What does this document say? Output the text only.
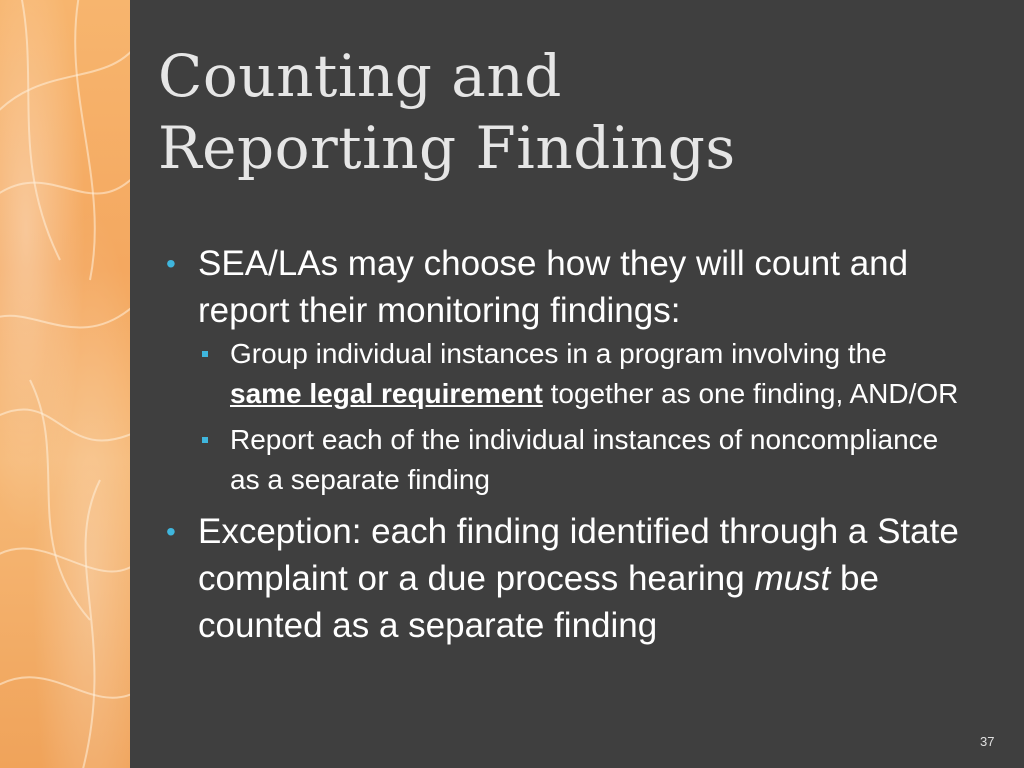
Counting and
Reporting Findings
• SEA/LAs may choose how they will count and report their monitoring findings:
Group individual instances in a program involving the same legal requirement together as one finding, AND/OR
Report each of the individual instances of noncompliance as a separate finding
• Exception: each finding identified through a State complaint or a due process hearing must be counted as a separate finding
37
